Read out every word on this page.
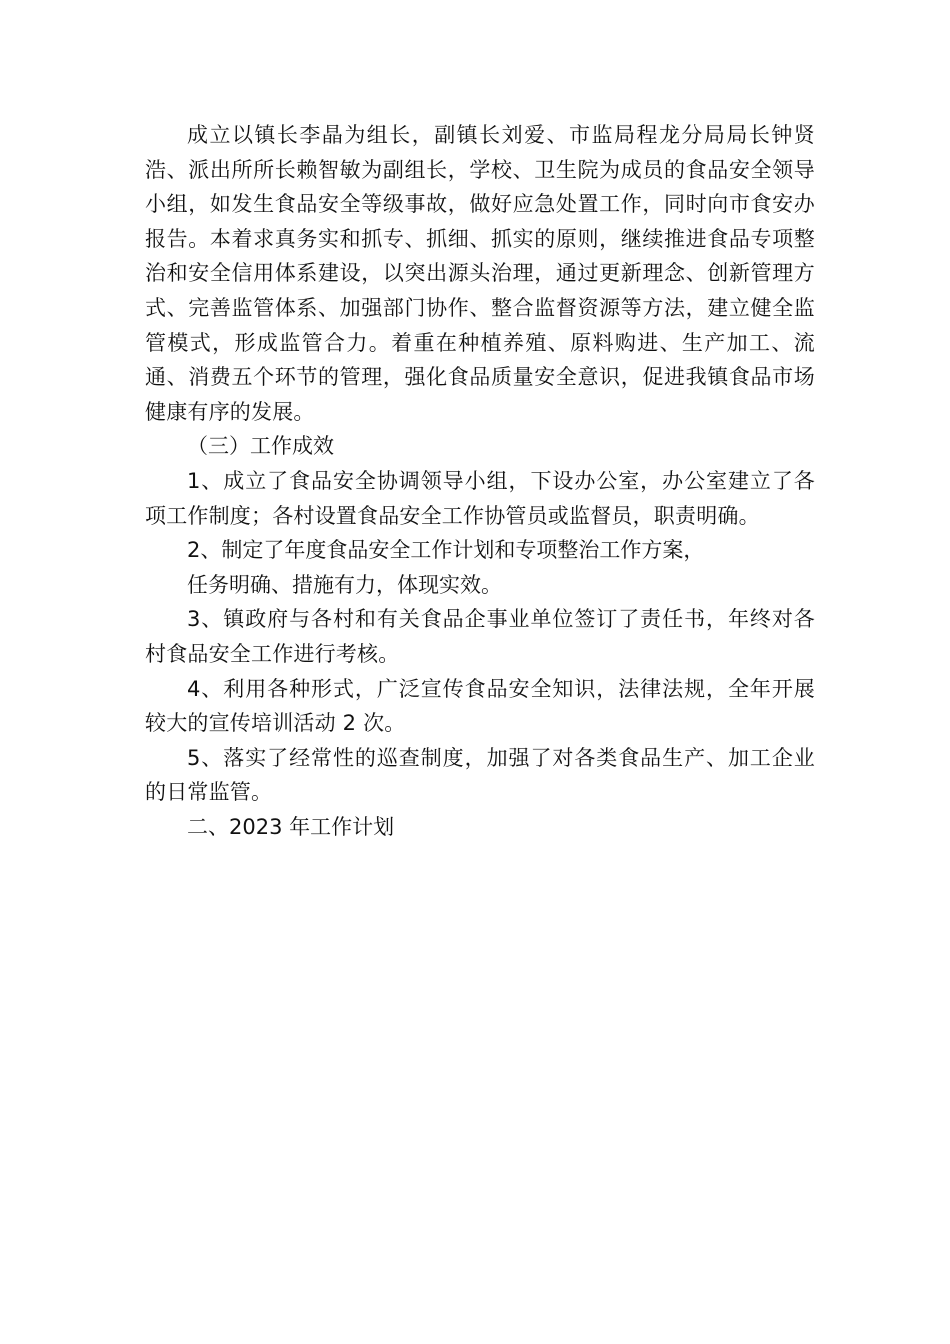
成立以镇长李晶为组长，副镇长刘爱、市监局程龙分局局长钟贤浩、派出所所长赖智敏为副组长，学校、卫生院为成员的食品安全领导小组，如发生食品安全等级事故，做好应急处置工作，同时向市食安办报告。本着求真务实和抓专、抓细、抓实的原则，继续推进食品专项整治和安全信用体系建设，以突出源头治理，通过更新理念、创新管理方式、完善监管体系、加强部门协作、整合监督资源等方法，建立健全监管模式，形成监管合力。着重在种植养殖、原料购进、生产加工、流通、消费五个环节的管理，强化食品质量安全意识，促进我镇食品市场健康有序的发展。

（三）工作成效

1、成立了食品安全协调领导小组，下设办公室，办公室建立了各项工作制度；各村设置食品安全工作协管员或监督员，职责明确。

2、制定了年度食品安全工作计划和专项整治工作方案，

任务明确、措施有力，体现实效。

3、镇政府与各村和有关食品企事业单位签订了责任书，年终对各村食品安全工作进行考核。

4、利用各种形式，广泛宣传食品安全知识，法律法规，全年开展较大的宣传培训活动 2 次。

5、落实了经常性的巡查制度，加强了对各类食品生产、加工企业的日常监管。

二、2023 年工作计划
